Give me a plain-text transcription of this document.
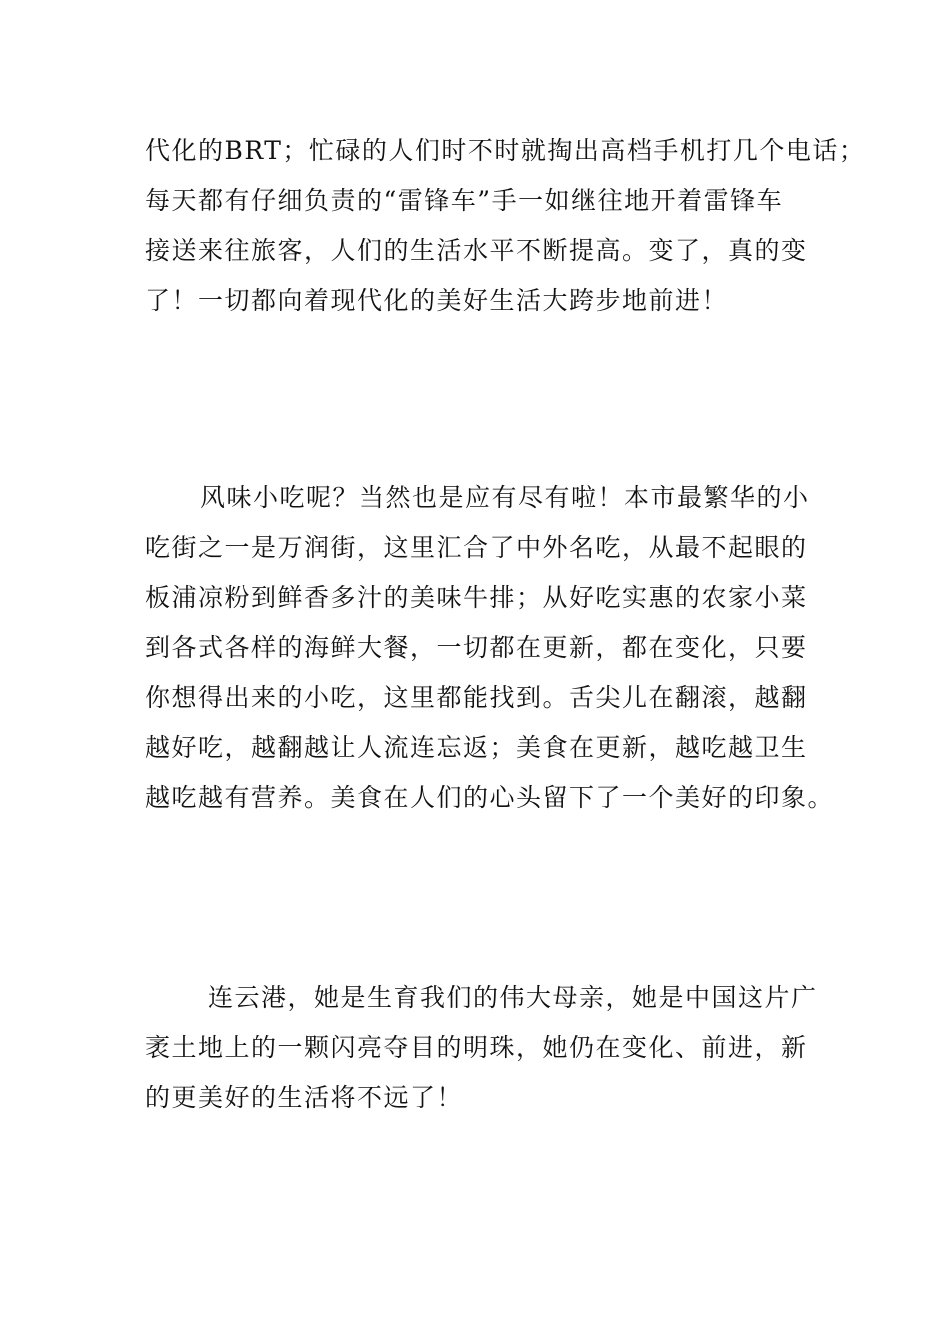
代化的BRT；忙碌的人们时不时就掏出高档手机打几个电话；
每天都有仔细负责的“雷锋车”手一如继往地开着雷锋车
接送来往旅客，人们的生活水平不断提高。变了，真的变
了！一切都向着现代化的美好生活大跨步地前进！
风味小吃呢？当然也是应有尽有啦！本市最繁华的小
吃街之一是万润街，这里汇合了中外名吃，从最不起眼的
板浦凉粉到鲜香多汁的美味牛排；从好吃实惠的农家小菜
到各式各样的海鲜大餐，一切都在更新，都在变化，只要
你想得出来的小吃，这里都能找到。舌尖儿在翻滚，越翻
越好吃，越翻越让人流连忘返；美食在更新，越吃越卫生
越吃越有营养。美食在人们的心头留下了一个美好的印象。
连云港，她是生育我们的伟大母亲，她是中国这片广
袤土地上的一颗闪亮夺目的明珠，她仍在变化、前进，新
的更美好的生活将不远了！
